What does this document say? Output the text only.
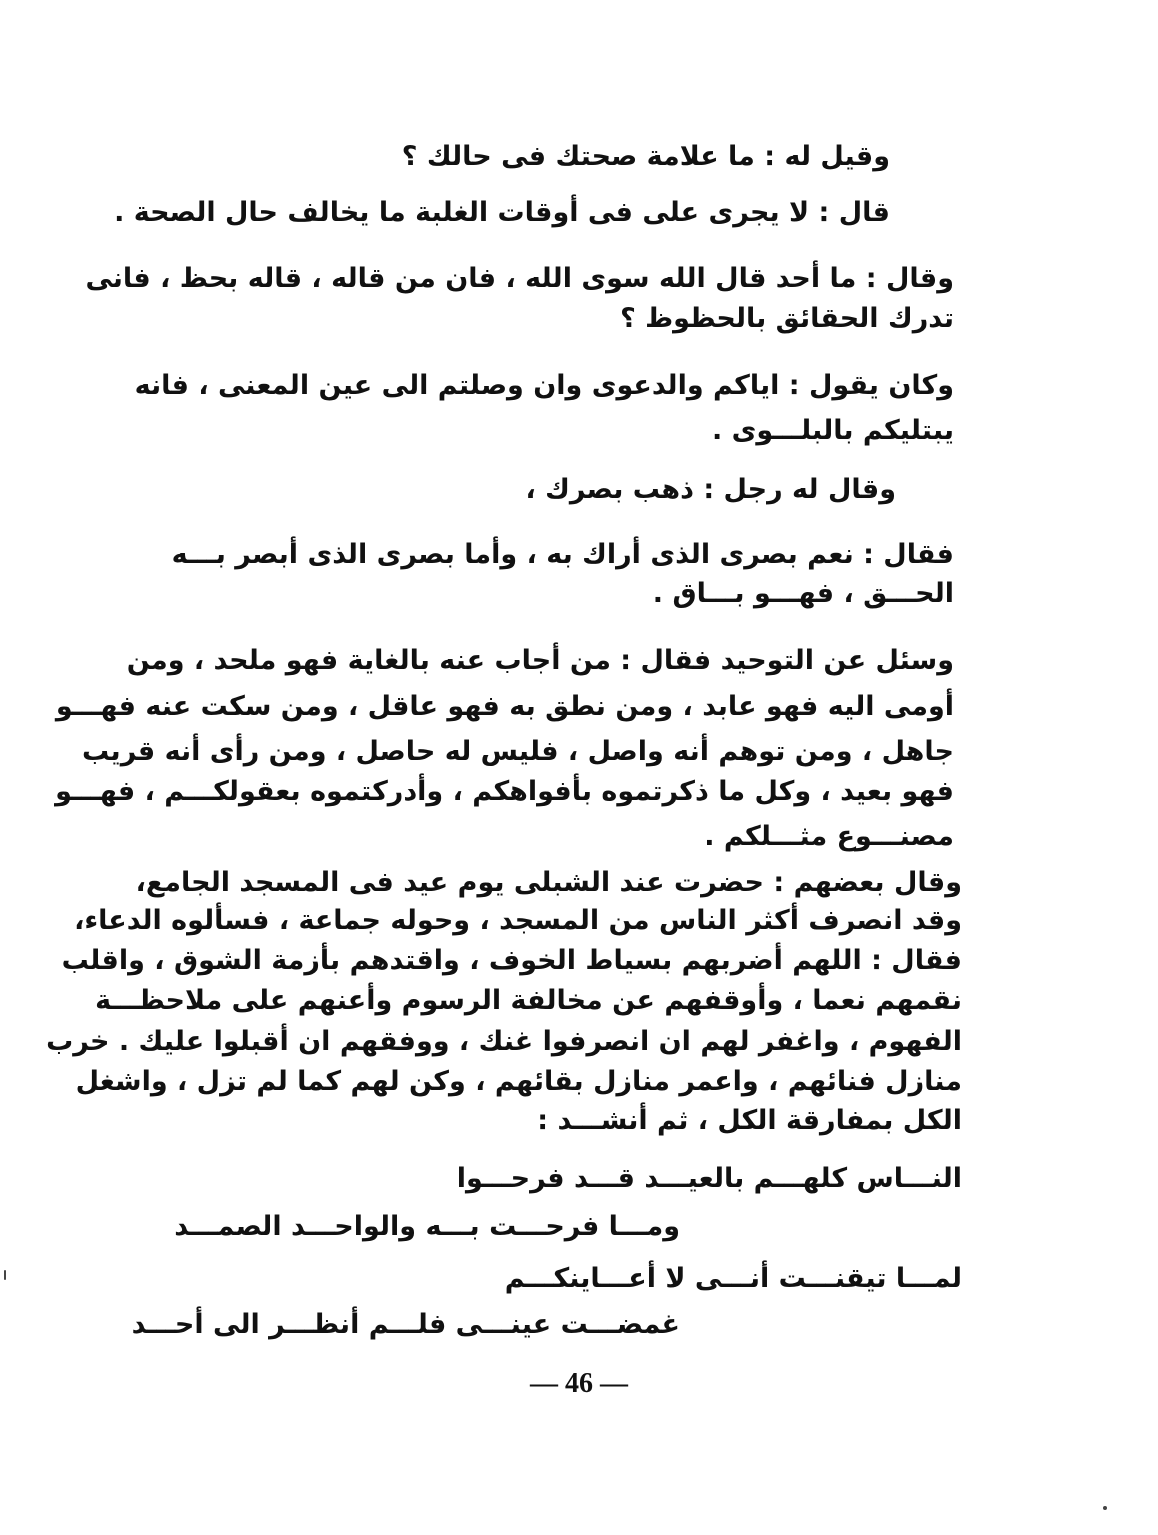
وقيل له : ما علامة صحتك فى حالك ؟
قال : لا يجرى على فى أوقات الغلبة ما يخالف حال الصحة .
وقال : ما أحد قال الله سوى الله ، فان من قاله ، قاله بحظ ، فانى
تدرك الحقائق بالحظوظ ؟
وكان يقول : اياكم والدعوى وان وصلتم الى عين المعنى ، فانه
يبتليكم بالبلـــوى .
وقال له رجل : ذهب بصرك ،
فقال : نعم بصرى الذى أراك به ، وأما بصرى الذى أبصر بـــه
الحـــق ، فهـــو بـــاق .
وسئل عن التوحيد فقال : من أجاب عنه بالغاية فهو ملحد ، ومن
أومى اليه فهو عابد ، ومن نطق به فهو عاقل ، ومن سكت عنه فهـــو
جاهل ، ومن توهم أنه واصل ، فليس له حاصل ، ومن رأى أنه قريب
فهو بعيد ، وكل ما ذكرتموه بأفواهكم ، وأدركتموه بعقولكـــم ، فهـــو
مصنـــوع مثـــلكم .
وقال بعضهم : حضرت عند الشبلى يوم عيد فى المسجد الجامع،
وقد انصرف أكثر الناس من المسجد ، وحوله جماعة ، فسألوه الدعاء،
فقال : اللهم أضربهم بسياط الخوف ، واقتدهم بأزمة الشوق ، واقلب
نقمهم نعما ، وأوقفهم عن مخالفة الرسوم وأعنهم على ملاحظـــة
الفهوم ، واغفر لهم ان انصرفوا غنك ، ووفقهم ان أقبلوا عليك . خرب
منازل فنائهم ، واعمر منازل بقائهم ، وكن لهم كما لم تزل ، واشغل
الكل بمفارقة الكل ، ثم أنشـــد :
النـــاس كلهـــم بالعيـــد قـــد فرحـــوا
ومـــا فرحـــت بـــه والواحـــد الصمـــد
لمـــا تيقنـــت أنـــى لا أعـــاينكـــم
غمضـــت عينـــى فلـــم أنظـــر الى أحـــد
— 46 —
